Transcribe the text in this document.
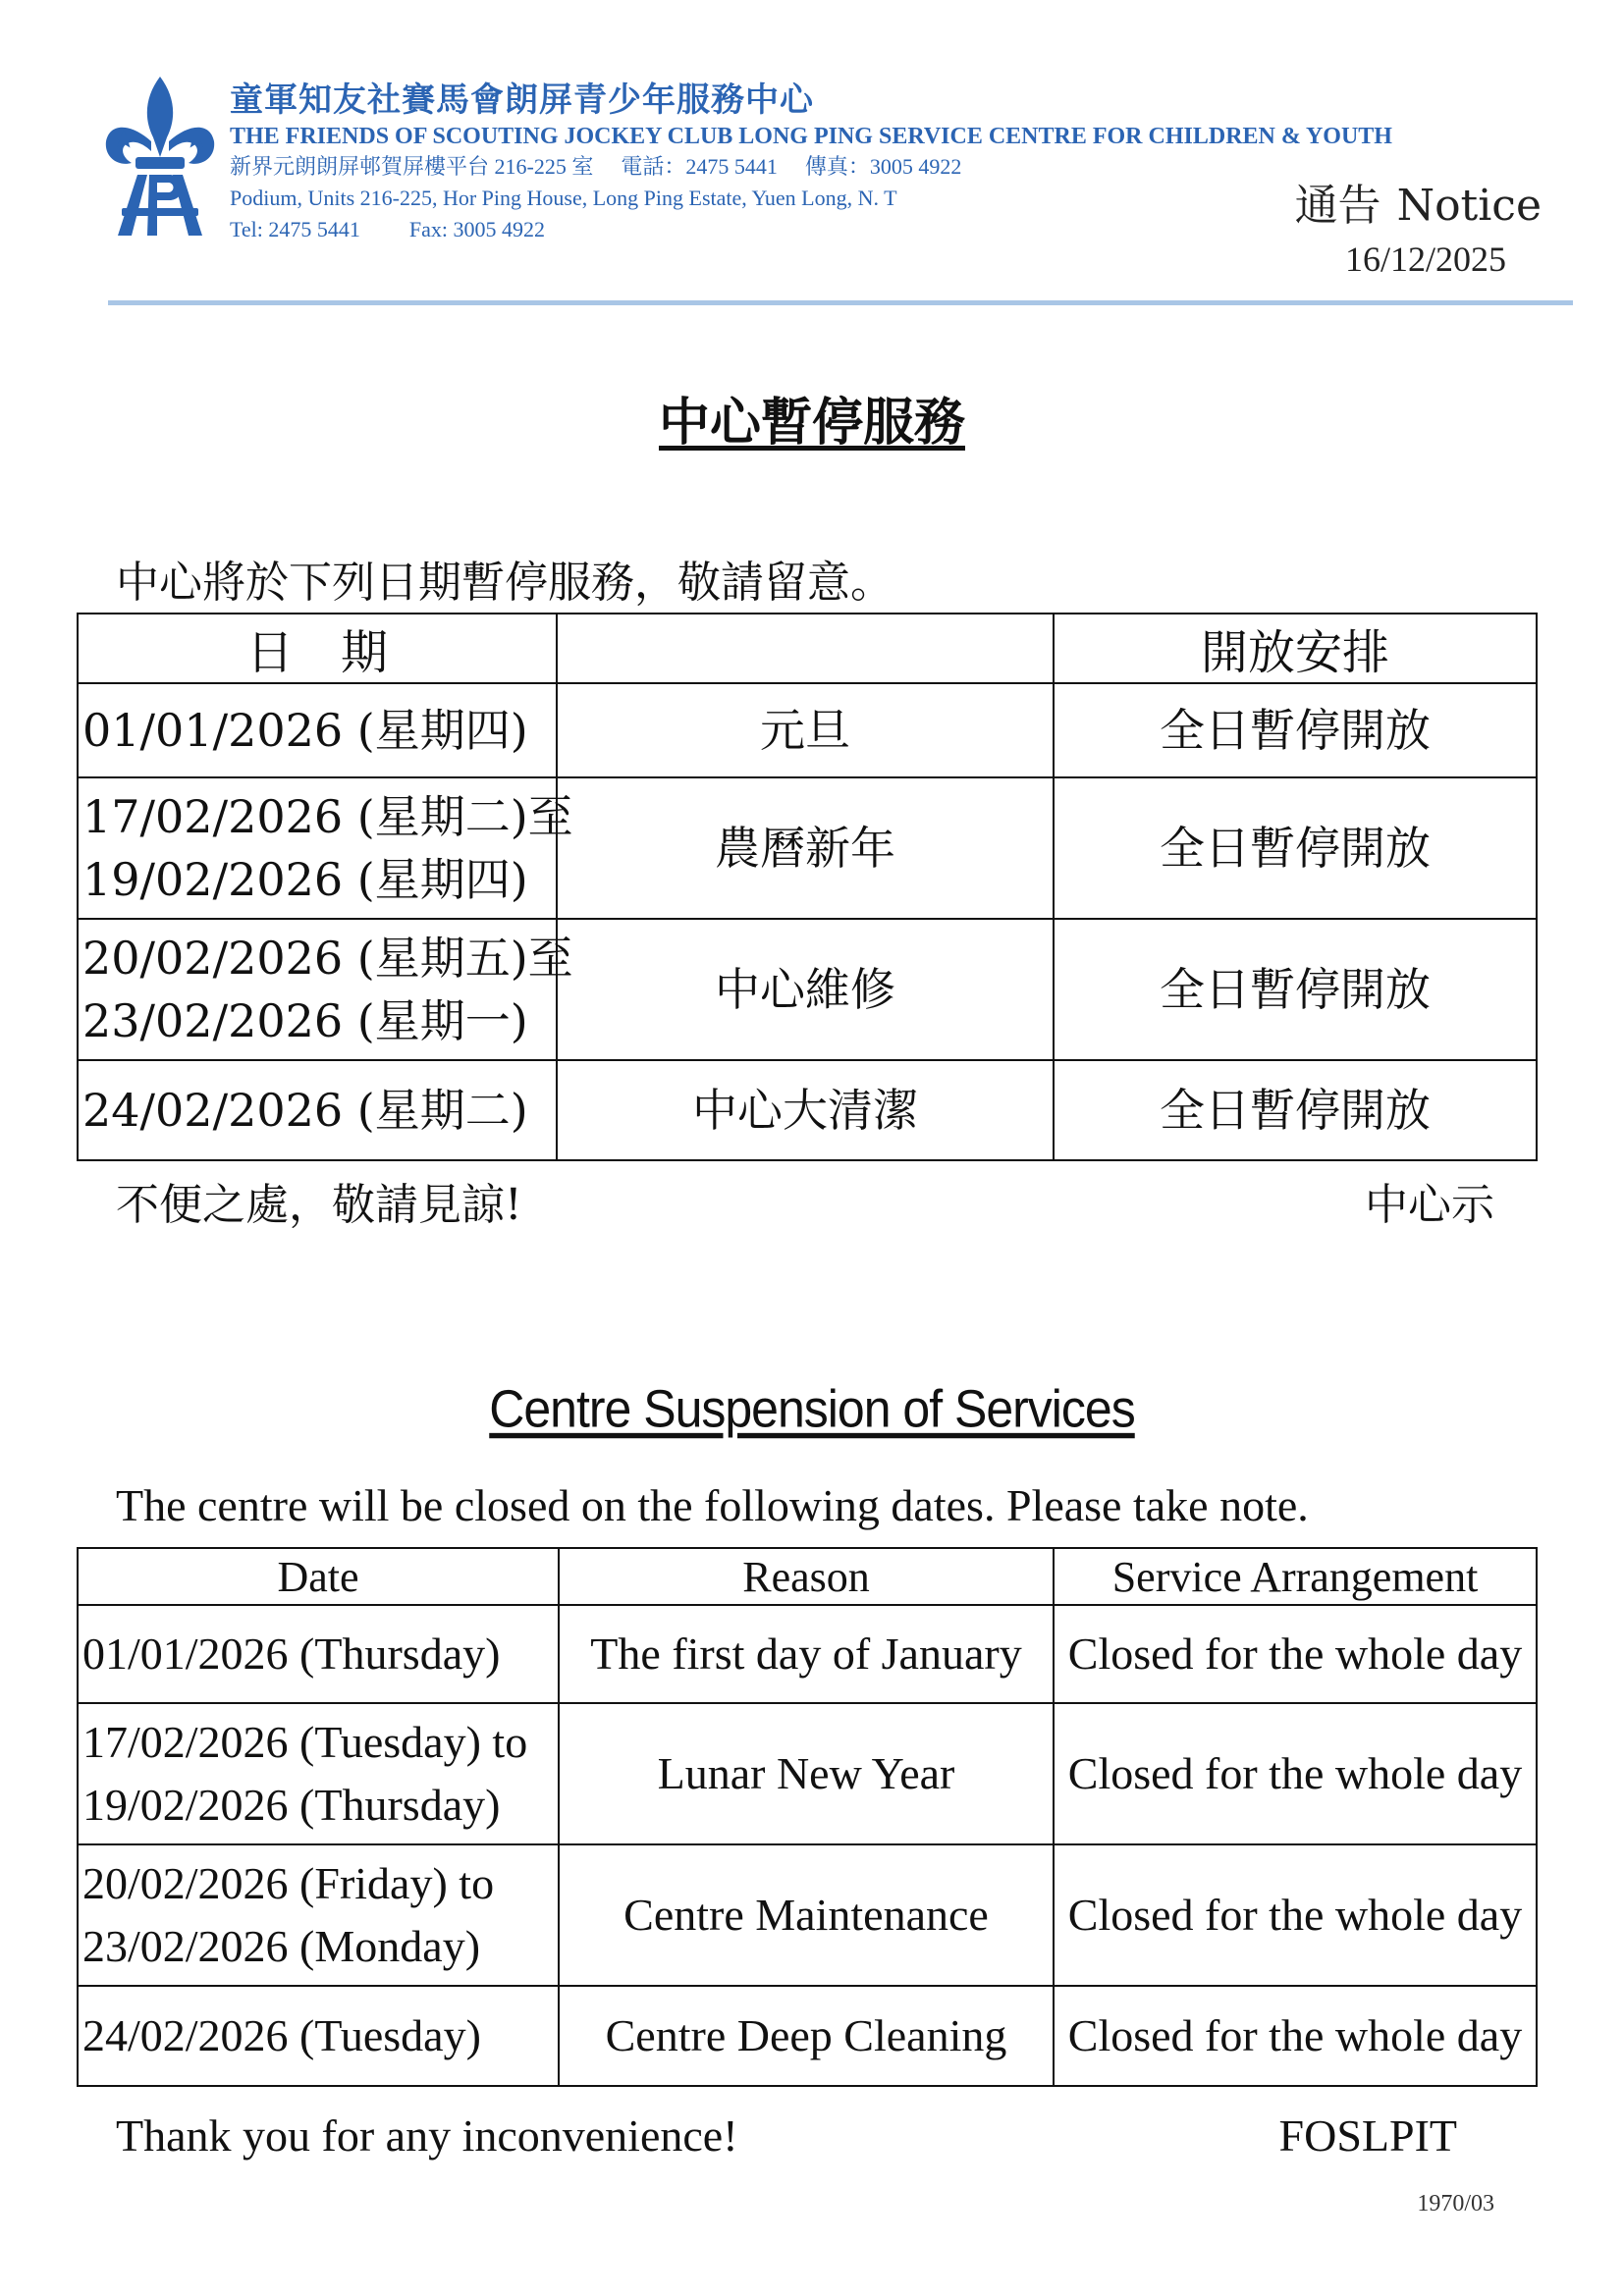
童軍知友社賽馬會朗屏青少年服務中心
THE FRIENDS OF SCOUTING JOCKEY CLUB LONG PING SERVICE CENTRE FOR CHILDREN & YOUTH
新界元朗朗屏邨賀屏樓平台 216-225 室 電話：2475 5441 傳真：3005 4922
Podium, Units 216-225, Hor Ping House, Long Ping Estate, Yuen Long, N. T
Tel: 2475 5441 Fax: 3005 4922	通告 Notice
16/12/2025
中心暫停服務
中心將於下列日期暫停服務，敬請留意。
日　期		開放安排

01/01/2026 (星期四)	元旦	全日暫停開放

17/02/2026 (星期二)至
19/02/2026 (星期四)	農曆新年	全日暫停開放

20/02/2026 (星期五)至
23/02/2026 (星期一)	中心維修	全日暫停開放

24/02/2026 (星期二)	中心大清潔	全日暫停開放
不便之處，敬請見諒!	中心示
Centre Suspension of Services
The centre will be closed on the following dates. Please take note.
Date	Reason	Service Arrangement

01/01/2026 (Thursday)	The first day of January	Closed for the whole day

17/02/2026 (Tuesday) to
19/02/2026 (Thursday)	Lunar New Year	Closed for the whole day

20/02/2026 (Friday) to
23/02/2026 (Monday)	Centre Maintenance	Closed for the whole day

24/02/2026 (Tuesday)	Centre Deep Cleaning	Closed for the whole day
Thank you for any inconvenience!	FOSLPIT
1970/03
